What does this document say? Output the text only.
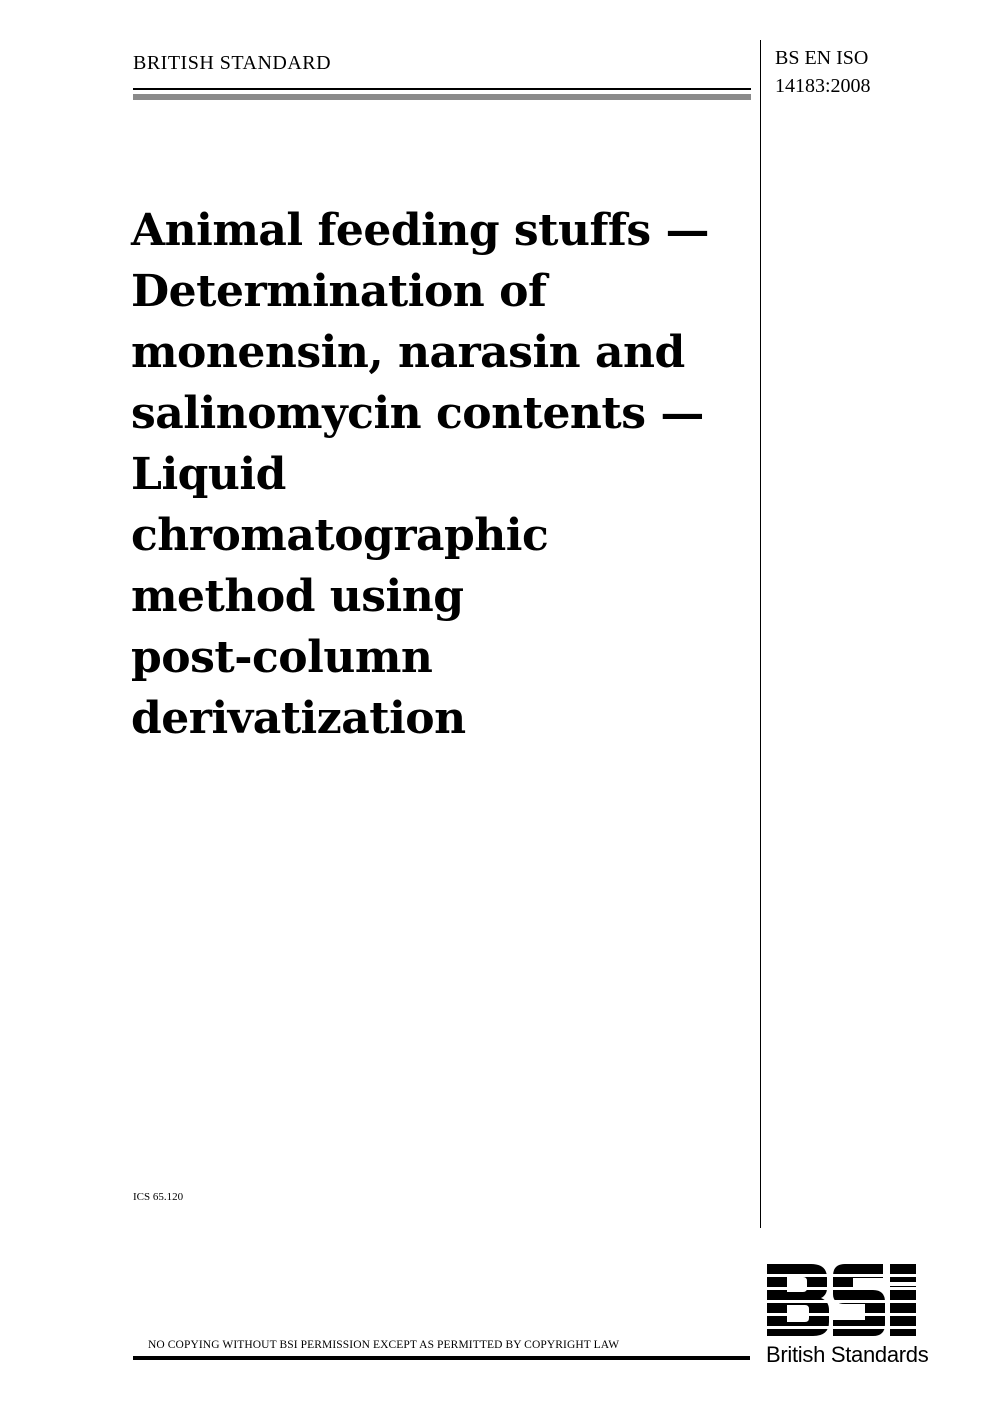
BRITISH STANDARD	BS EN ISO
14183:2008
Animal feeding stuffs —
Determination of
monensin, narasin and
salinomycin contents —
Liquid
chromatographic
method using
post-column
derivatization
ICS 65.120
NO COPYING WITHOUT BSI PERMISSION EXCEPT AS PERMITTED BY COPYRIGHT LAW	British Standards
